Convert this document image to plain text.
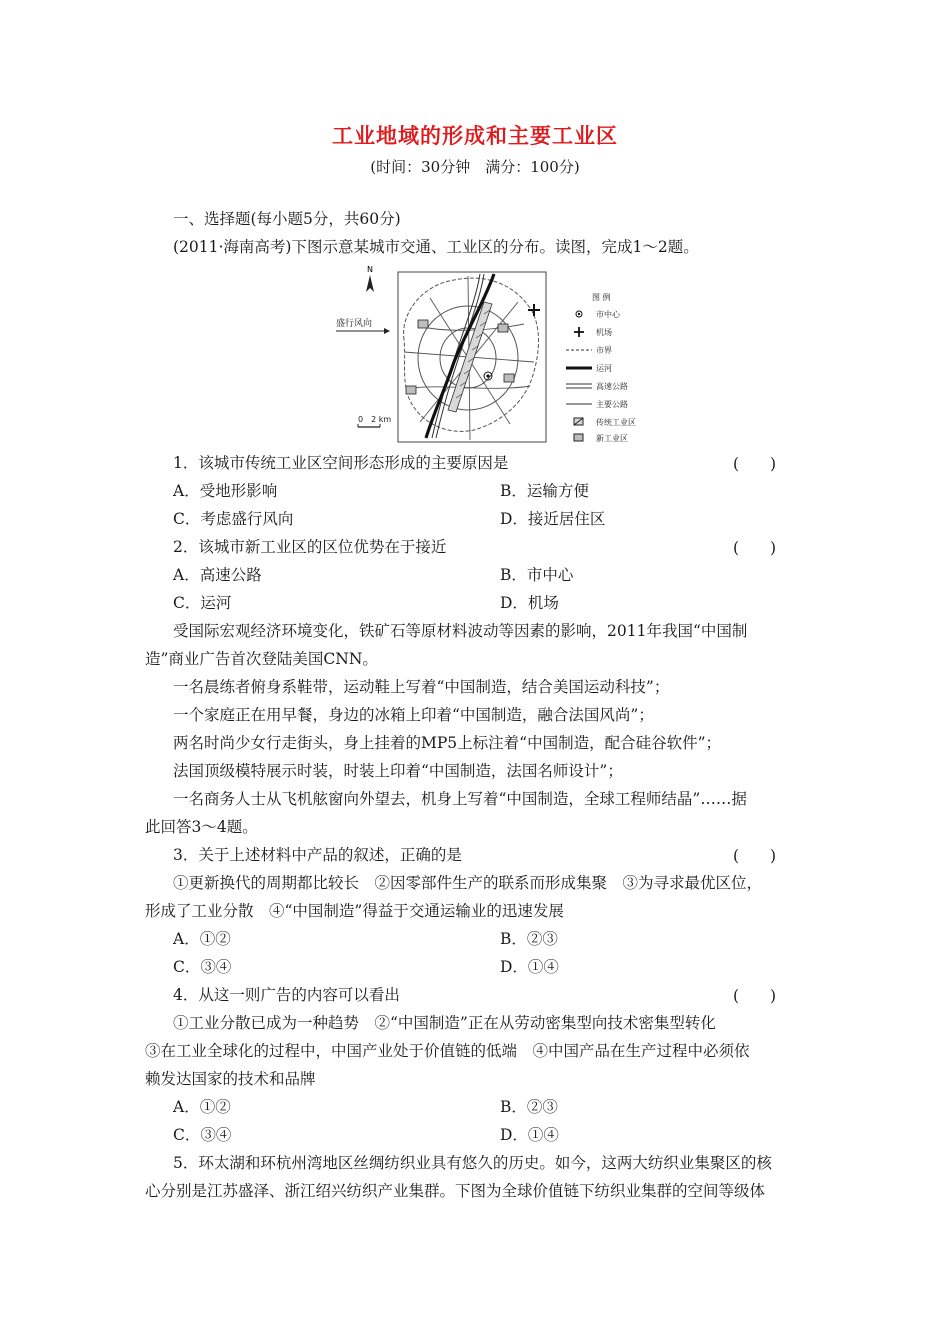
工业地域的形成和主要工业区
(时间：30分钟　满分：100分)
一、选择题(每小题5分，共60分)
(2011·海南高考)下图示意某城市交通、工业区的分布。读图，完成1～2题。
N
盛行风向
0　2 km
图 例
市中心
机场
市界
运河
高速公路
主要公路
传统工业区
新工业区
1．该城市传统工业区空间形态形成的主要原因是	(　　)
A．受地形影响	B．运输方便
C．考虑盛行风向	D．接近居住区
2．该城市新工业区的区位优势在于接近	(　　)
A．高速公路	B．市中心
C．运河	D．机场
受国际宏观经济环境变化，铁矿石等原材料波动等因素的影响，2011年我国“中国制
造”商业广告首次登陆美国CNN。
一名晨练者俯身系鞋带，运动鞋上写着“中国制造，结合美国运动科技”；
一个家庭正在用早餐，身边的冰箱上印着“中国制造，融合法国风尚”；
两名时尚少女行走街头，身上挂着的MP5上标注着“中国制造，配合硅谷软件”；
法国顶级模特展示时装，时装上印着“中国制造，法国名师设计”；
一名商务人士从飞机舷窗向外望去，机身上写着“中国制造，全球工程师结晶”……据
此回答3～4题。
3．关于上述材料中产品的叙述，正确的是	(　　)
①更新换代的周期都比较长　②因零部件生产的联系而形成集聚　③为寻求最优区位，
形成了工业分散　④“中国制造”得益于交通运输业的迅速发展
A．①②	B．②③
C．③④	D．①④
4．从这一则广告的内容可以看出	(　　)
①工业分散已成为一种趋势　②“中国制造”正在从劳动密集型向技术密集型转化
③在工业全球化的过程中，中国产业处于价值链的低端　④中国产品在生产过程中必须依
赖发达国家的技术和品牌
A．①②	B．②③
C．③④	D．①④
5．环太湖和环杭州湾地区丝绸纺织业具有悠久的历史。如今，这两大纺织业集聚区的核
心分别是江苏盛泽、浙江绍兴纺织产业集群。下图为全球价值链下纺织业集群的空间等级体
